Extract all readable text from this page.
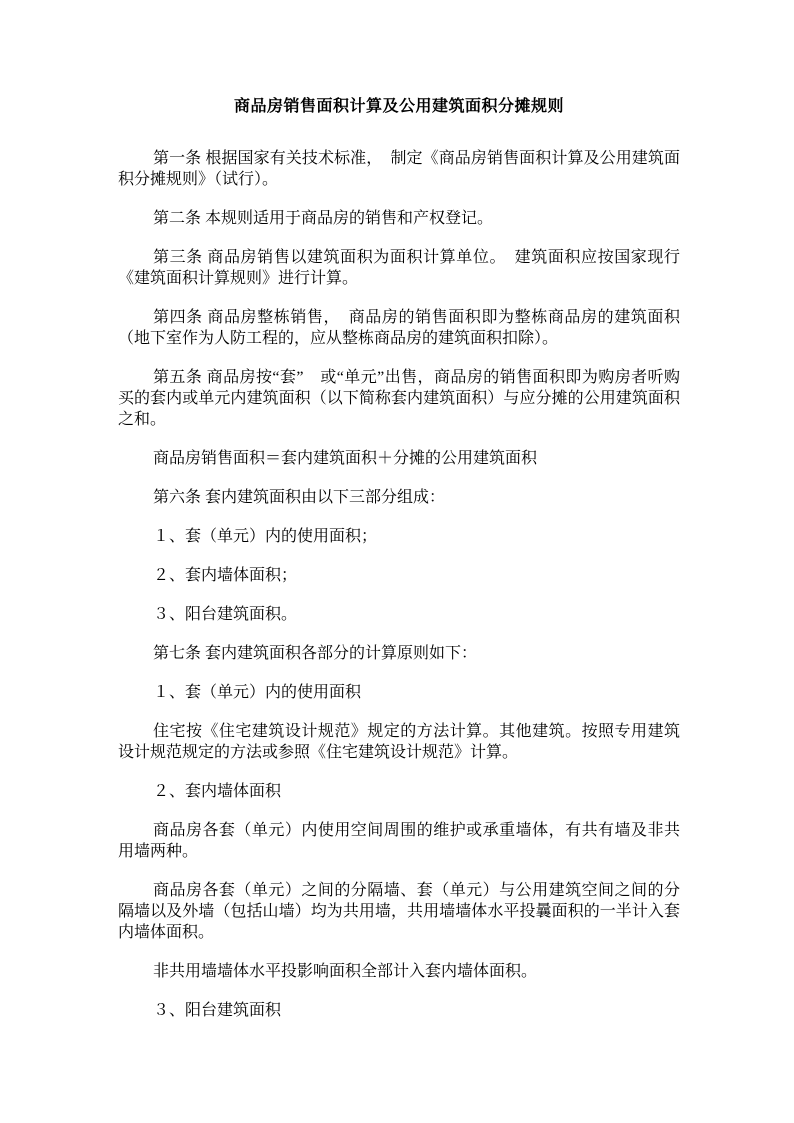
商品房销售面积计算及公用建筑面积分摊规则

第一条 根据国家有关技术标准，　制定《商品房销售面积计算及公用建筑面积分摊规则》（试行）。

第二条 本规则适用于商品房的销售和产权登记。

第三条 商品房销售以建筑面积为面积计算单位。　建筑面积应按国家现行《建筑面积计算规则》进行计算。

第四条 商品房整栋销售，　商品房的销售面积即为整栋商品房的建筑面积（地下室作为人防工程的，应从整栋商品房的建筑面积扣除）。

第五条 商品房按“套”　或“单元”出售，商品房的销售面积即为购房者听购买的套内或单元内建筑面积（以下简称套内建筑面积）与应分摊的公用建筑面积之和。

商品房销售面积＝套内建筑面积＋分摊的公用建筑面积

第六条 套内建筑面积由以下三部分组成：

１、套（单元）内的使用面积；

２、套内墙体面积；

３、阳台建筑面积。

第七条 套内建筑面积各部分的计算原则如下：

１、套（单元）内的使用面积

住宅按《住宅建筑设计规范》规定的方法计算。其他建筑。按照专用建筑设计规范规定的方法或参照《住宅建筑设计规范》计算。

２、套内墙体面积

商品房各套（单元）内使用空间周围的维护或承重墙体，有共有墙及非共用墙两种。

商品房各套（单元）之间的分隔墙、套（单元）与公用建筑空间之间的分隔墙以及外墙（包括山墙）均为共用墙，共用墙墙体水平投曩面积的一半计入套内墙体面积。

非共用墙墙体水平投影响面积全部计入套内墙体面积。

３、阳台建筑面积
